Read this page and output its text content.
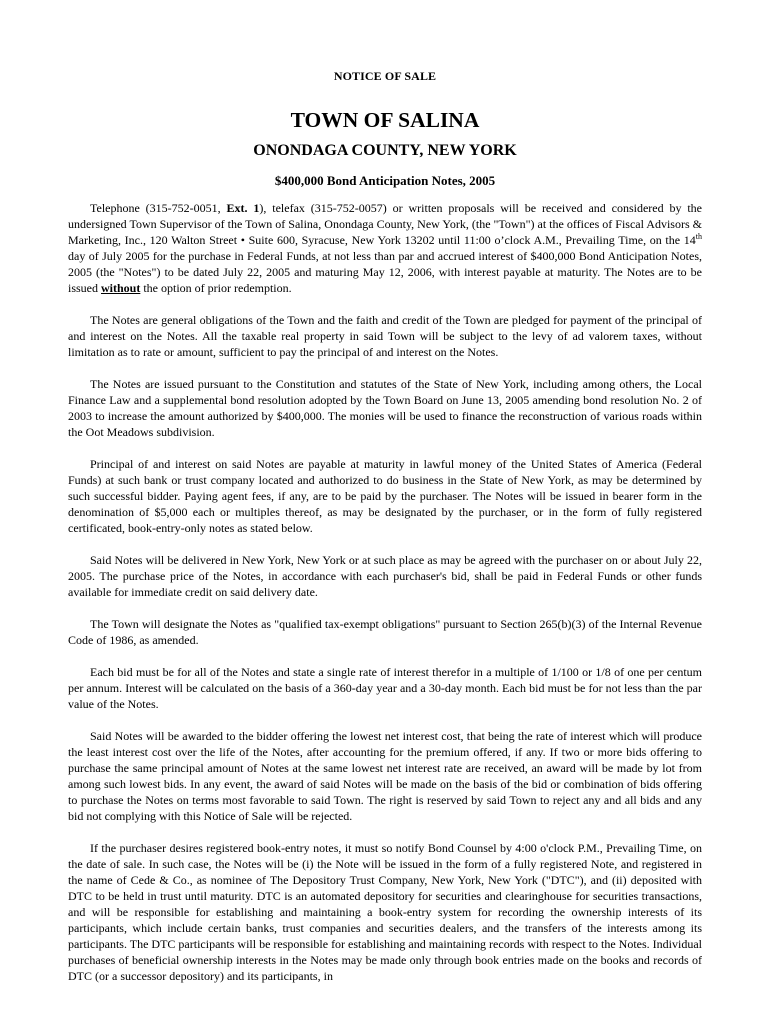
NOTICE OF SALE
TOWN OF SALINA
ONONDAGA COUNTY, NEW YORK
$400,000 Bond Anticipation Notes, 2005

Telephone (315-752-0051, Ext. 1), telefax (315-752-0057) or written proposals will be received and considered by the undersigned Town Supervisor of the Town of Salina, Onondaga County, New York, (the "Town") at the offices of Fiscal Advisors & Marketing, Inc., 120 Walton Street • Suite 600, Syracuse, New York 13202 until 11:00 o’clock A.M., Prevailing Time, on the 14th day of July 2005 for the purchase in Federal Funds, at not less than par and accrued interest of $400,000 Bond Anticipation Notes, 2005 (the "Notes") to be dated July 22, 2005 and maturing May 12, 2006, with interest payable at maturity. The Notes are to be issued without the option of prior redemption.

The Notes are general obligations of the Town and the faith and credit of the Town are pledged for payment of the principal of and interest on the Notes. All the taxable real property in said Town will be subject to the levy of ad valorem taxes, without limitation as to rate or amount, sufficient to pay the principal of and interest on the Notes.

The Notes are issued pursuant to the Constitution and statutes of the State of New York, including among others, the Local Finance Law and a supplemental bond resolution adopted by the Town Board on June 13, 2005 amending bond resolution No. 2 of 2003 to increase the amount authorized by $400,000. The monies will be used to finance the reconstruction of various roads within the Oot Meadows subdivision.

Principal of and interest on said Notes are payable at maturity in lawful money of the United States of America (Federal Funds) at such bank or trust company located and authorized to do business in the State of New York, as may be determined by such successful bidder. Paying agent fees, if any, are to be paid by the purchaser. The Notes will be issued in bearer form in the denomination of $5,000 each or multiples thereof, as may be designated by the purchaser, or in the form of fully registered certificated, book-entry-only notes as stated below.

Said Notes will be delivered in New York, New York or at such place as may be agreed with the purchaser on or about July 22, 2005. The purchase price of the Notes, in accordance with each purchaser's bid, shall be paid in Federal Funds or other funds available for immediate credit on said delivery date.

The Town will designate the Notes as "qualified tax-exempt obligations" pursuant to Section 265(b)(3) of the Internal Revenue Code of 1986, as amended.

Each bid must be for all of the Notes and state a single rate of interest therefor in a multiple of 1/100 or 1/8 of one per centum per annum. Interest will be calculated on the basis of a 360-day year and a 30-day month. Each bid must be for not less than the par value of the Notes.

Said Notes will be awarded to the bidder offering the lowest net interest cost, that being the rate of interest which will produce the least interest cost over the life of the Notes, after accounting for the premium offered, if any. If two or more bids offering to purchase the same principal amount of Notes at the same lowest net interest rate are received, an award will be made by lot from among such lowest bids. In any event, the award of said Notes will be made on the basis of the bid or combination of bids offering to purchase the Notes on terms most favorable to said Town. The right is reserved by said Town to reject any and all bids and any bid not complying with this Notice of Sale will be rejected.

If the purchaser desires registered book-entry notes, it must so notify Bond Counsel by 4:00 o'clock P.M., Prevailing Time, on the date of sale. In such case, the Notes will be (i) the Note will be issued in the form of a fully registered Note, and registered in the name of Cede & Co., as nominee of The Depository Trust Company, New York, New York ("DTC"), and (ii) deposited with DTC to be held in trust until maturity. DTC is an automated depository for securities and clearinghouse for securities transactions, and will be responsible for establishing and maintaining a book-entry system for recording the ownership interests of its participants, which include certain banks, trust companies and securities dealers, and the transfers of the interests among its participants. The DTC participants will be responsible for establishing and maintaining records with respect to the Notes. Individual purchases of beneficial ownership interests in the Notes may be made only through book entries made on the books and records of DTC (or a successor depository) and its participants, in
